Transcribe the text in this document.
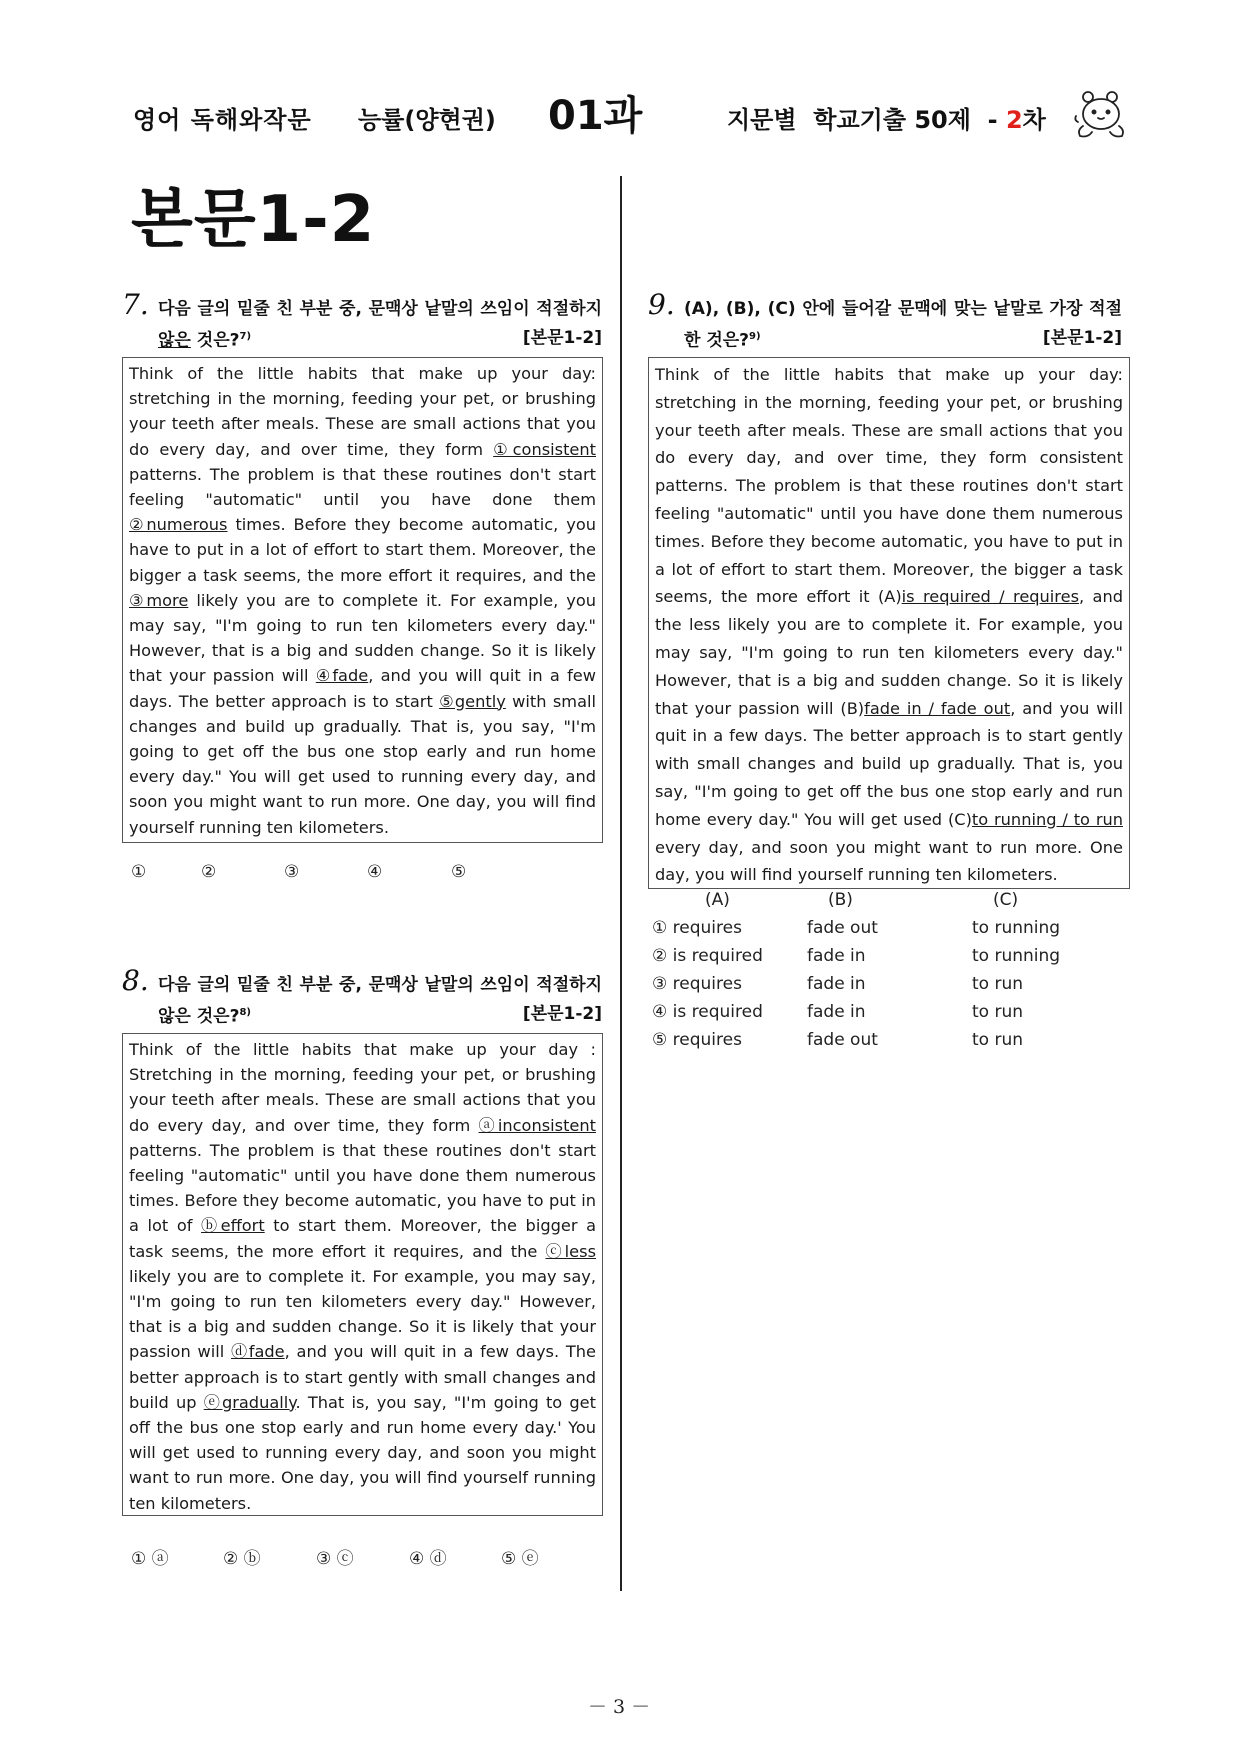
영어 독해와작문 능률(양현권) 01과	지문별  학교기출 50제  - 2차
본문1-2
7. 다음 글의 밑줄 친 부분 중, 문맥상 낱말의 쓰임이 적절하지 않은 것은?$^{7)}$	[본문1-2]

Think of the little habits that make up your day: stretching in the morning, feeding your pet, or brushing your teeth after meals. These are small actions that you do every day, and over time, they form ①consistent patterns. The problem is that these routines don't start feeling "automatic" until you have done them ②numerous times. Before they become automatic, you have to put in a lot of effort to start them. Moreover, the bigger a task seems, the more effort it requires, and the ③more likely you are to complete it. For example, you may say, "I'm going to run ten kilometers every day." However, that is a big and sudden change. So it is likely that your passion will ④fade, and you will quit in a few days. The better approach is to start ⑤gently with small changes and build up gradually. That is, you say, "I'm going to get off the bus one stop early and run home every day." You will get used to running every day, and soon you might want to run more. One day, you will find yourself running ten kilometers.

①	②	③	④	⑤
8. 다음 글의 밑줄 친 부분 중, 문맥상 낱말의 쓰임이 적절하지 않은 것은?$^{8)}$	[본문1-2]

Think of the little habits that make up your day : Stretching in the morning, feeding your pet, or brushing your teeth after meals. These are small actions that you do every day, and over time, they form ⓐinconsistent patterns. The problem is that these routines don't start feeling "automatic" until you have done them numerous times. Before they become automatic, you have to put in a lot of ⓑeffort to start them. Moreover, the bigger a task seems, the more effort it requires, and the ⓒless likely you are to complete it. For example, you may say, "I'm going to run ten kilometers every day." However, that is a big and sudden change. So it is likely that your passion will ⓓfade, and you will quit in a few days. The better approach is to start gently with small changes and build up ⓔgradually. That is, you say, "I'm going to get off the bus one stop early and run home every day.' You will get used to running every day, and soon you might want to run more. One day, you will find yourself running ten kilometers.

① ⓐ	② ⓑ	③ ⓒ	④ ⓓ	⑤ ⓔ
9. (A), (B), (C) 안에 들어갈 문맥에 맞는 낱말로 가장 적절한 것은?$^{9)}$	[본문1-2]

Think of the little habits that make up your day: stretching in the morning, feeding your pet, or brushing your teeth after meals. These are small actions that you do every day, and over time, they form consistent patterns. The problem is that these routines don't start feeling "automatic" until you have done them numerous times. Before they become automatic, you have to put in a lot of effort to start them. Moreover, the bigger a task seems, the more effort it (A)is required / requires, and the less likely you are to complete it. For example, you may say, "I'm going to run ten kilometers every day." However, that is a big and sudden change. So it is likely that your passion will (B)fade in / fade out, and you will quit in a few days. The better approach is to start gently with small changes and build up gradually. That is, you say, "I'm going to get off the bus one stop early and run home every day." You will get used (C)to running / to run every day, and soon you might want to run more. One day, you will find yourself running ten kilometers.

(A)	(B)	(C)
① requires	fade out	to running
② is required	fade in	to running
③ requires	fade in	to run
④ is required	fade in	to run
⑤ requires	fade out	to run
－ 3 －
